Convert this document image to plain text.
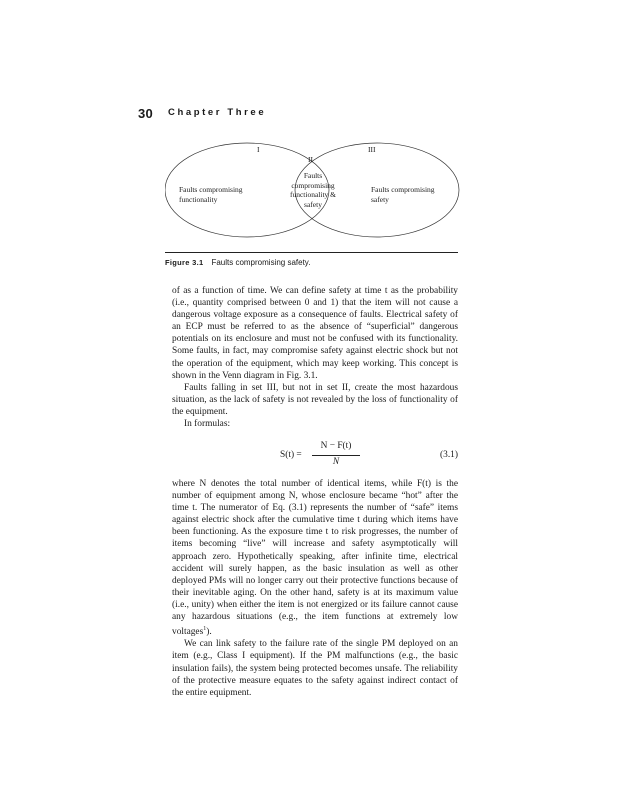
30 Chapter Three
I
II
III
Faults compromising
functionality
Faults
compromising
functionality &
safety
Faults compromising
safety
Figure 3.1 Faults compromising safety.

of as a function of time. We can define safety at time t as the probability (i.e., quantity comprised between 0 and 1) that the item will not cause a dangerous voltage exposure as a consequence of faults. Electrical safety of an ECP must be referred to as the absence of “superficial” dangerous potentials on its enclosure and must not be confused with its functionality. Some faults, in fact, may compromise safety against electric shock but not the operation of the equipment, which may keep working. This concept is shown in the Venn diagram in Fig. 3.1.

Faults falling in set III, but not in set II, create the most hazardous situation, as the lack of safety is not revealed by the loss of functionality of the equipment.

In formulas:

S(t) =
N − F(t)
N
(3.1)

where N denotes the total number of identical items, while F(t) is the number of equipment among N, whose enclosure became “hot” after the time t. The numerator of Eq. (3.1) represents the number of “safe” items against electric shock after the cumulative time t during which items have been functioning. As the exposure time t to risk progresses, the number of items becoming “live” will increase and safety asymptotically will approach zero. Hypothetically speaking, after infinite time, electrical accident will surely happen, as the basic insulation as well as other deployed PMs will no longer carry out their protective functions because of their inevitable aging. On the other hand, safety is at its maximum value (i.e., unity) when either the item is not energized or its failure cannot cause any hazardous situations (e.g., the item functions at extremely low voltages$^1$).

We can link safety to the failure rate of the single PM deployed on an item (e.g., Class I equipment). If the PM malfunctions (e.g., the basic insulation fails), the system being protected becomes unsafe. The reliability of the protective measure equates to the safety against indirect contact of the entire equipment.
